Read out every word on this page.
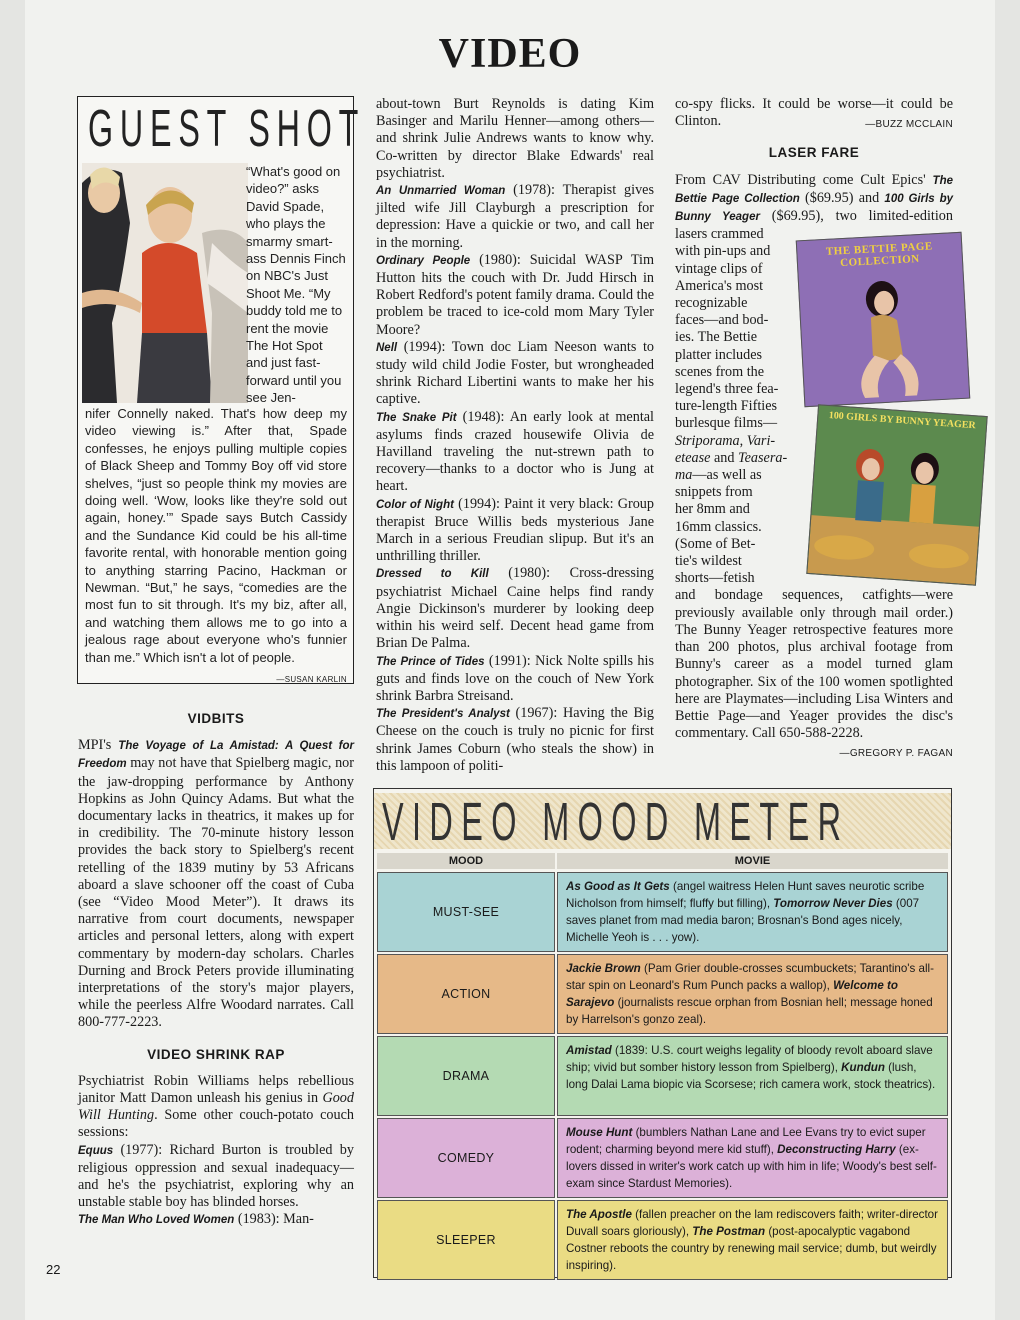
VIDEO
GUEST SHOT
“What's good on video?” asks David Spade, who plays the smarmy smart-ass Dennis Finch on NBC's Just Shoot Me. “My buddy told me to rent the movie The Hot Spot and just fast-forward until you see Jen-
nifer Connelly naked. That's how deep my video viewing is.” After that, Spade confesses, he enjoys pulling multiple copies of Black Sheep and Tommy Boy off vid store shelves, “just so people think my movies are doing well. ‘Wow, looks like they're sold out again, honey.’” Spade says Butch Cassidy and the Sundance Kid could be his all-time favorite rental, with honorable mention going to anything starring Pacino, Hackman or Newman. “But,” he says, “comedies are the most fun to sit through. It's my biz, after all, and watching them allows me to go into a jealous rage about everyone who's funnier than me.” Which isn't a lot of people.
—SUSAN KARLIN
VIDBITS

MPI's The Voyage of La Amistad: A Quest for Freedom may not have that Spielberg magic, nor the jaw-dropping performance by Anthony Hopkins as John Quincy Adams. But what the documentary lacks in theatrics, it makes up for in credibility. The 70-minute history lesson provides the back story to Spielberg's recent retelling of the 1839 mutiny by 53 Africans aboard a slave schooner off the coast of Cuba (see “Video Mood Meter”). It draws its narrative from court documents, newspaper articles and personal letters, along with expert commentary by modern-day scholars. Charles Durning and Brock Peters provide illuminating interpretations of the story's major players, while the peerless Alfre Woodard narrates. Call 800-777-2223.

VIDEO SHRINK RAP

Psychiatrist Robin Williams helps rebellious janitor Matt Damon unleash his genius in Good Will Hunting. Some other couch-potato couch sessions:

Equus (1977): Richard Burton is troubled by religious oppression and sexual inadequacy—and he's the psychiatrist, exploring why an unstable stable boy has blinded horses.

The Man Who Loved Women (1983): Man-

22

about-town Burt Reynolds is dating Kim Basinger and Marilu Henner—among others—and shrink Julie Andrews wants to know why. Co-written by director Blake Edwards' real psychiatrist.

An Unmarried Woman (1978): Therapist gives jilted wife Jill Clayburgh a prescription for depression: Have a quickie or two, and call her in the morning.

Ordinary People (1980): Suicidal WASP Tim Hutton hits the couch with Dr. Judd Hirsch in Robert Redford's potent family drama. Could the problem be traced to ice-cold mom Mary Tyler Moore?

Nell (1994): Town doc Liam Neeson wants to study wild child Jodie Foster, but wrongheaded shrink Richard Libertini wants to make her his captive.

The Snake Pit (1948): An early look at mental asylums finds crazed housewife Olivia de Havilland traveling the nut-strewn path to recovery—thanks to a doctor who is Jung at heart.

Color of Night (1994): Paint it very black: Group therapist Bruce Willis beds mysterious Jane March in a serious Freudian slipup. But it's an unthrilling thriller.

Dressed to Kill (1980): Cross-dressing psychiatrist Michael Caine helps find randy Angie Dickinson's murderer by looking deep within his weird self. Decent head game from Brian De Palma.

The Prince of Tides (1991): Nick Nolte spills his guts and finds love on the couch of New York shrink Barbra Streisand.

The President's Analyst (1967): Having the Big Cheese on the couch is truly no picnic for first shrink James Coburn (who steals the show) in this lampoon of politi-

co-spy flicks. It could be worse—it could be Clinton.	—BUZZ MCCLAIN

LASER FARE

From CAV Distributing come Cult Epics' The Bettie Page Collection ($69.95) and 100 Girls by Bunny Yeager ($69.95), two limited-edition lasers crammed

with pin-ups and
vintage clips of
America's most
recognizable
faces—and bod-
ies. The Bettie
platter includes
scenes from the
legend's three fea-
ture-length Fifties
burlesque films—
Striporama, Vari-etease and Teasera-ma—as well as
snippets from
her 8mm and
16mm classics.
(Some of Bet-
tie's wildest
shorts—fetish

and bondage sequences, catfights—were previously available only through mail order.) The Bunny Yeager retrospective features more than 200 photos, plus archival footage from Bunny's career as a model turned glam photographer. Six of the 100 women spotlighted here are Playmates—including Lisa Winters and Bettie Page—and Yeager provides the disc's commentary. Call 650-588-2228.
—GREGORY P. FAGAN

THE BETTIE PAGE COLLECTION
100 GIRLS BY BUNNY YEAGER
VIDEO MOOD METER
MOOD	MOVIE
MUST-SEE
As Good as It Gets (angel waitress Helen Hunt saves neurotic scribe Nicholson from himself; fluffy but filling), Tomorrow Never Dies (007 saves planet from mad media baron; Brosnan's Bond ages nicely, Michelle Yeoh is . . . yow).
ACTION
Jackie Brown (Pam Grier double-crosses scumbuckets; Tarantino's all-star spin on Leonard's Rum Punch packs a wallop), Welcome to Sarajevo (journalists rescue orphan from Bosnian hell; message honed by Harrelson's gonzo zeal).
DRAMA
Amistad (1839: U.S. court weighs legality of bloody revolt aboard slave ship; vivid but somber history lesson from Spielberg), Kundun (lush, long Dalai Lama biopic via Scorsese; rich camera work, stock theatrics).
COMEDY
Mouse Hunt (bumblers Nathan Lane and Lee Evans try to evict super rodent; charming beyond mere kid stuff), Deconstructing Harry (ex-lovers dissed in writer's work catch up with him in life; Woody's best self-exam since Stardust Memories).
SLEEPER
The Apostle (fallen preacher on the lam rediscovers faith; writer-director Duvall soars gloriously), The Postman (post-apocalyptic vagabond Costner reboots the country by renewing mail service; dumb, but weirdly inspiring).
